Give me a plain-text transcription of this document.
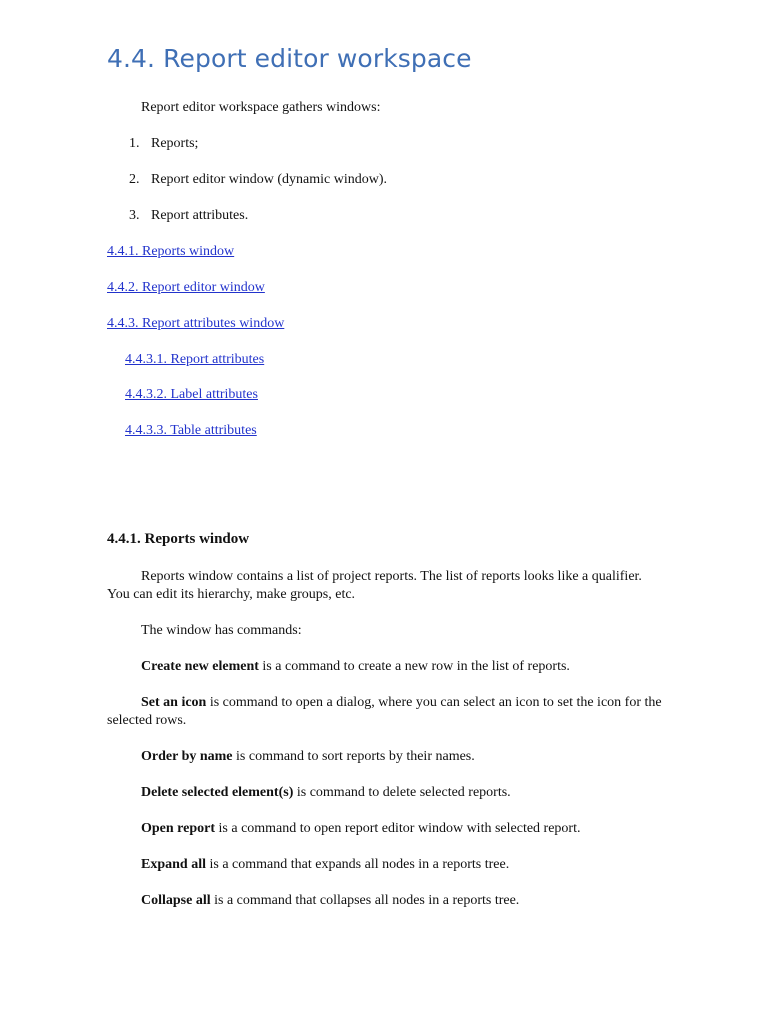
4.4. Report editor workspace

Report editor workspace gathers windows:

1. Reports;

2. Report editor window (dynamic window).

3. Report attributes.

4.4.1. Reports window

4.4.2. Report editor window

4.4.3. Report attributes window

4.4.3.1. Report attributes

4.4.3.2. Label attributes

4.4.3.3. Table attributes

4.4.1. Reports window

Reports window contains a list of project reports. The list of reports looks like a qualifier. You can edit its hierarchy, make groups, etc.

The window has commands:

Create new element is a command to create a new row in the list of reports.

Set an icon is command to open a dialog, where you can select an icon to set the icon for the selected rows.

Order by name is command to sort reports by their names.

Delete selected element(s) is command to delete selected reports.

Open report is a command to open report editor window with selected report.

Expand all is a command that expands all nodes in a reports tree.

Collapse all is a command that collapses all nodes in a reports tree.
